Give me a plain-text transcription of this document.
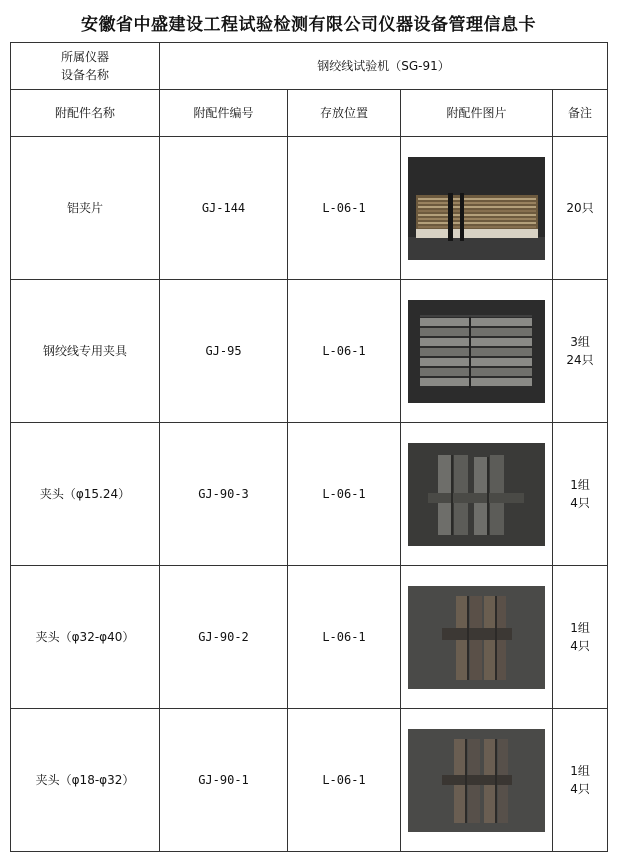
安徽省中盛建设工程试验检测有限公司仪器设备管理信息卡
所属仪器
设备名称	钢绞线试验机（SG-91）			
附配件名称	附配件编号	存放位置	附配件图片	备注
铝夹片	GJ-144	L-06-1		20只
钢绞线专用夹具	GJ-95	L-06-1		3组
24只
夹头（φ15.24）	GJ-90-3	L-06-1		1组
4只
夹头（φ32-φ40）	GJ-90-2	L-06-1		1组
4只
夹头（φ18-φ32）	GJ-90-1	L-06-1		1组
4只
